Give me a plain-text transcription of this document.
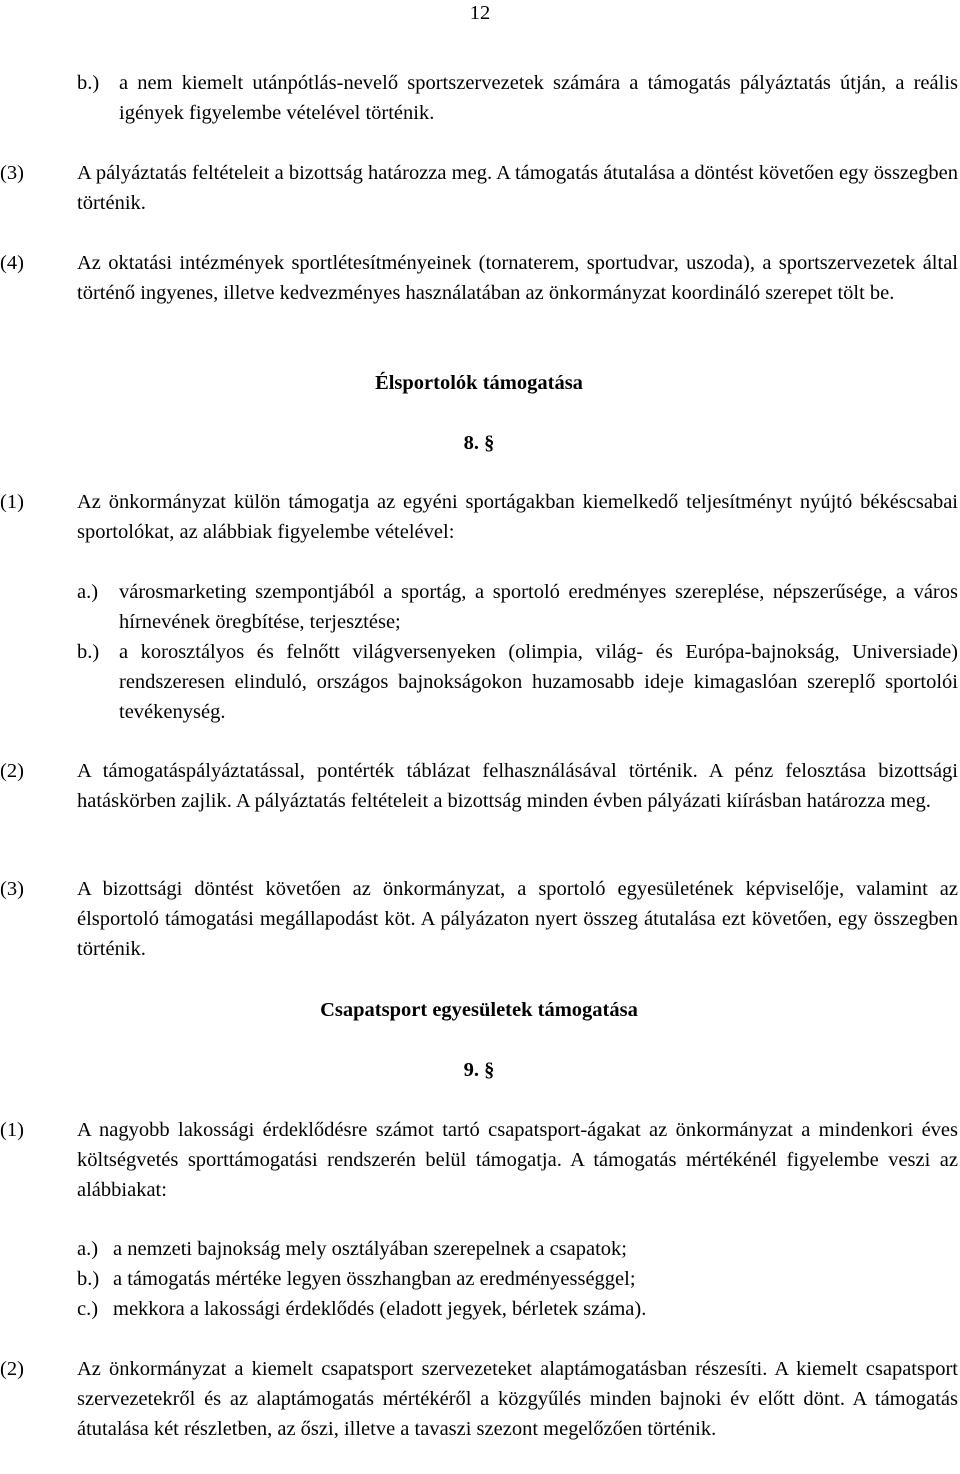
12
b.) a nem kiemelt utánpótlás-nevelő sportszervezetek számára a támogatás pályáztatás útján, a reális igények figyelembe vételével történik.
(3)	A pályáztatás feltételeit a bizottság határozza meg. A támogatás átutalása a döntést követően egy összegben történik.
(4)	Az oktatási intézmények sportlétesítményeinek (tornaterem, sportudvar, uszoda), a sportszervezetek által történő ingyenes, illetve kedvezményes használatában az önkormányzat koordináló szerepet tölt be.
Élsportolók támogatása
8. §
(1)	Az önkormányzat külön támogatja az egyéni sportágakban kiemelkedő teljesítményt nyújtó békéscsabai sportolókat, az alábbiak figyelembe vételével:
a.) városmarketing szempontjából a sportág, a sportoló eredményes szereplése, népszerűsége, a város hírnevének öregbítése, terjesztése;
b.) a korosztályos és felnőtt világversenyeken (olimpia, világ- és Európa-bajnokság, Universiade) rendszeresen elinduló, országos bajnokságokon huzamosabb ideje kimagaslóan szereplő sportolói tevékenység.
(2)	A támogatáspályáztatással, pontérték táblázat felhasználásával történik. A pénz felosztása bizottsági hatáskörben zajlik. A pályáztatás feltételeit a bizottság minden évben pályázati kiírásban határozza meg.
(3)	A bizottsági döntést követően az önkormányzat, a sportoló egyesületének képviselője, valamint az élsportoló támogatási megállapodást köt. A pályázaton nyert összeg átutalása ezt követően, egy összegben történik.
Csapatsport egyesületek támogatása
9. §
(1)	A nagyobb lakossági érdeklődésre számot tartó csapatsport-ágakat az önkormányzat a mindenkori éves költségvetés sporttámogatási rendszerén belül támogatja. A támogatás mértékénél figyelembe veszi az alábbiakat:
a.) a nemzeti bajnokság mely osztályában szerepelnek a csapatok;
b.) a támogatás mértéke legyen összhangban az eredményességgel;
c.) mekkora a lakossági érdeklődés (eladott jegyek, bérletek száma).
(2)	Az önkormányzat a kiemelt csapatsport szervezeteket alaptámogatásban részesíti. A kiemelt csapatsport szervezetekről és az alaptámogatás mértékéről a közgyűlés minden bajnoki év előtt dönt. A támogatás átutalása két részletben, az őszi, illetve a tavaszi szezont megelőzően történik.
